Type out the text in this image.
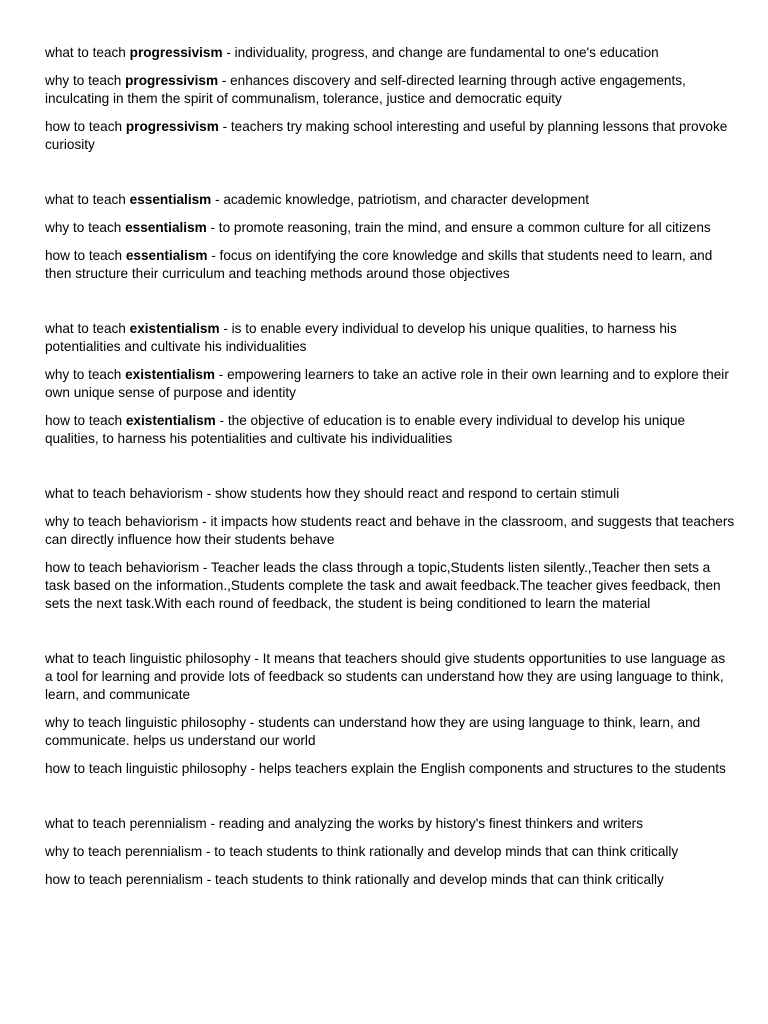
what to teach progressivism - individuality, progress, and change are fundamental to one's education

why to teach progressivism - enhances discovery and self-directed learning through active engagements, inculcating in them the spirit of communalism, tolerance, justice and democratic equity

how to teach progressivism - teachers try making school interesting and useful by planning lessons that provoke curiosity

what to teach essentialism - academic knowledge, patriotism, and character development

why to teach essentialism - to promote reasoning, train the mind, and ensure a common culture for all citizens

how to teach essentialism - focus on identifying the core knowledge and skills that students need to learn, and then structure their curriculum and teaching methods around those objectives

what to teach existentialism - is to enable every individual to develop his unique qualities, to harness his potentialities and cultivate his individualities

why to teach existentialism - empowering learners to take an active role in their own learning and to explore their own unique sense of purpose and identity

how to teach existentialism - the objective of education is to enable every individual to develop his unique qualities, to harness his potentialities and cultivate his individualities

what to teach behaviorism - show students how they should react and respond to certain stimuli

why to teach behaviorism - it impacts how students react and behave in the classroom, and suggests that teachers can directly influence how their students behave

how to teach behaviorism - Teacher leads the class through a topic,Students listen silently.,Teacher then sets a task based on the information.,Students complete the task and await feedback.The teacher gives feedback, then sets the next task.With each round of feedback, the student is being conditioned to learn the material

what to teach linguistic philosophy - It means that teachers should give students opportunities to use language as a tool for learning and provide lots of feedback so students can understand how they are using language to think, learn, and communicate

why to teach linguistic philosophy - students can understand how they are using language to think, learn, and communicate. helps us understand our world

how to teach linguistic philosophy - helps teachers explain the English components and structures to the students

what to teach perennialism - reading and analyzing the works by history's finest thinkers and writers

why to teach perennialism - to teach students to think rationally and develop minds that can think critically

how to teach perennialism - teach students to think rationally and develop minds that can think critically
